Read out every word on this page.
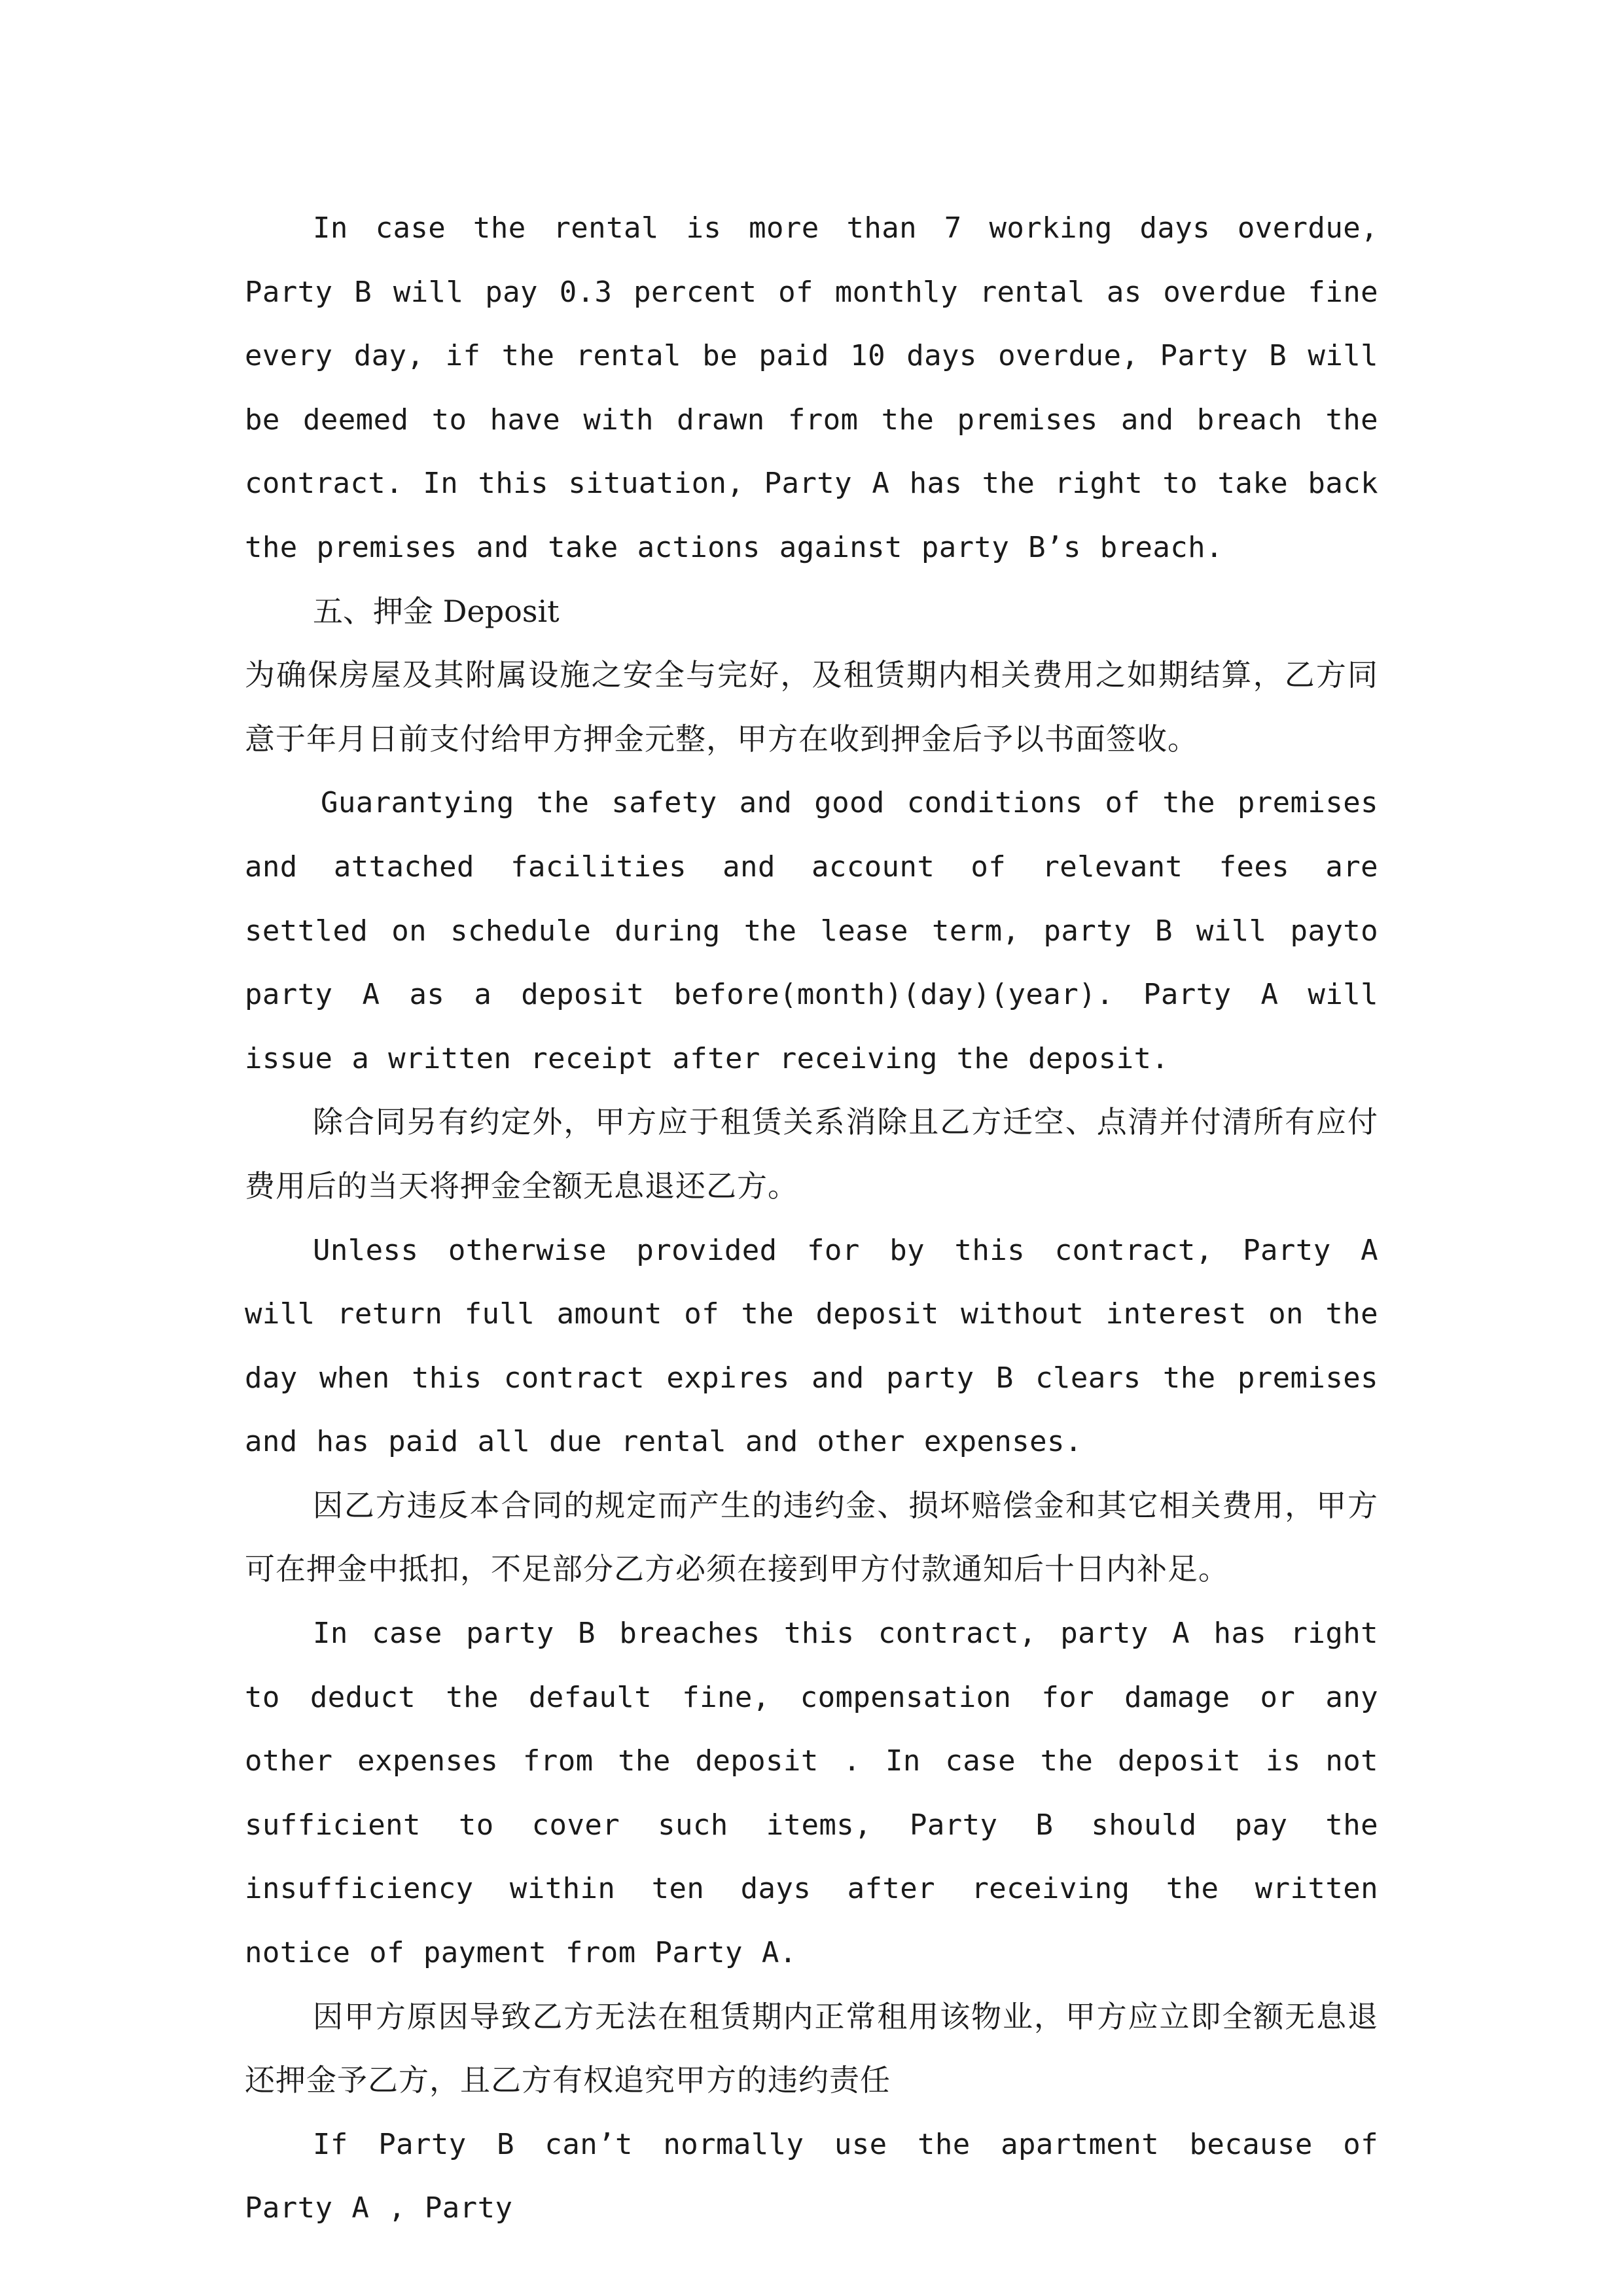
In case the rental is more than 7 working days overdue, Party B will pay 0.3 percent of monthly rental as overdue fine every day, if the rental be paid 10 days overdue, Party B will be deemed to have with drawn from the premises and breach the contract. In this situation, Party A has the right to take back the premises and take actions against party B’s breach.

五、押金 Deposit

为确保房屋及其附属设施之安全与完好，及租赁期内相关费用之如期结算，乙方同意于年月日前支付给甲方押金元整，甲方在收到押金后予以书面签收。

Guarantying the safety and good conditions of the premises and attached facilities and account of relevant fees are settled on schedule during the lease term, party B will payto party A as a deposit before(month)(day)(year). Party A will issue a written receipt after receiving the deposit.

除合同另有约定外，甲方应于租赁关系消除且乙方迁空、点清并付清所有应付费用后的当天将押金全额无息退还乙方。

Unless otherwise provided for by this contract, Party A will return full amount of the deposit without interest on the day when this contract expires and party B clears the premises and has paid all due rental and other expenses.

因乙方违反本合同的规定而产生的违约金、损坏赔偿金和其它相关费用，甲方可在押金中抵扣，不足部分乙方必须在接到甲方付款通知后十日内补足。

In case party B breaches this contract, party A has right to deduct the default fine, compensation for damage or any other expenses from the deposit . In case the deposit is not sufficient to cover such items, Party B should pay the insufficiency within ten days after receiving the written notice of payment from Party A.

因甲方原因导致乙方无法在租赁期内正常租用该物业，甲方应立即全额无息退还押金予乙方，且乙方有权追究甲方的违约责任

If Party B can’t normally use the apartment because of Party A , Party
